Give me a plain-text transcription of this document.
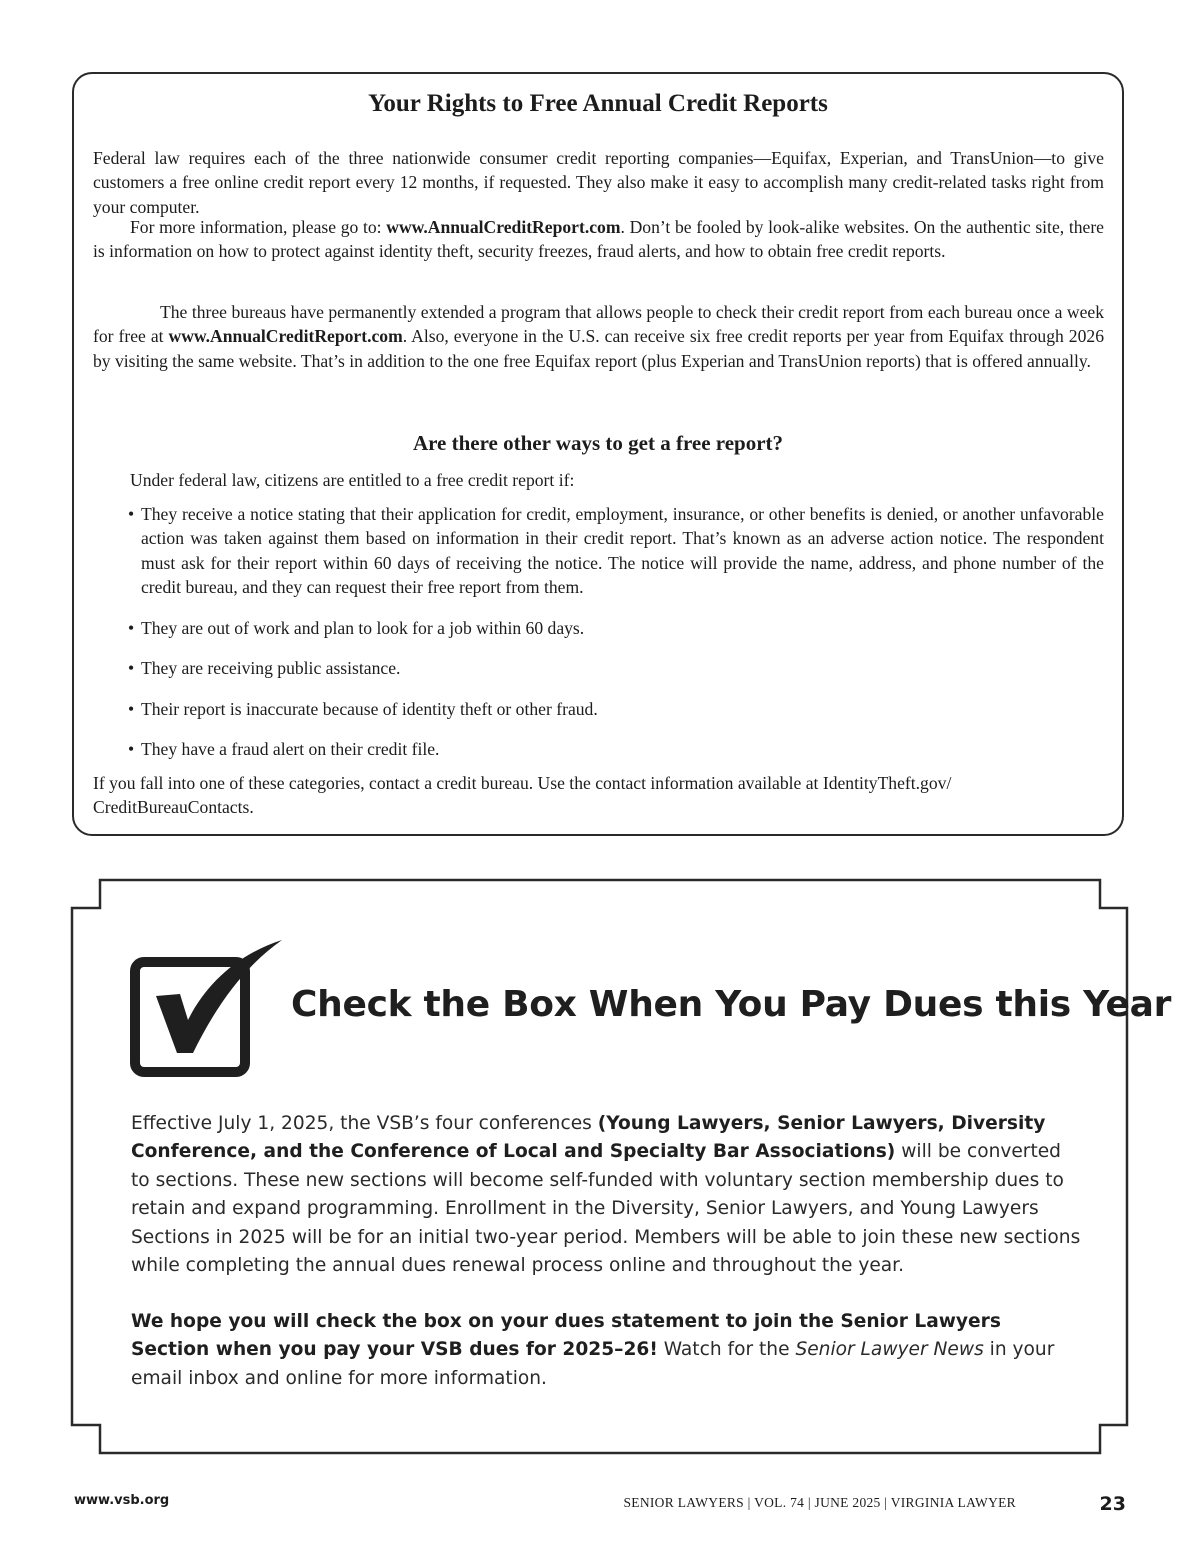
Your Rights to Free Annual Credit Reports

Federal law requires each of the three nationwide consumer credit reporting companies—Equifax, Experian, and TransUnion—to give customers a free online credit report every 12 months, if requested. They also make it easy to accomplish many credit-related tasks right from your computer.

For more information, please go to: www.AnnualCreditReport.com. Don’t be fooled by look-alike websites. On the authentic site, there is information on how to protect against identity theft, security freezes, fraud alerts, and how to obtain free credit reports.

The three bureaus have permanently extended a program that allows people to check their credit report from each bureau once a week for free at www.AnnualCreditReport.com. Also, everyone in the U.S. can receive six free credit reports per year from Equifax through 2026 by visiting the same website. That’s in addition to the one free Equifax report (plus Experian and TransUnion reports) that is offered annually.

Are there other ways to get a free report?

Under federal law, citizens are entitled to a free credit report if:

• They receive a notice stating that their application for credit, employment, insurance, or other benefits is denied, or another unfavorable action was taken against them based on information in their credit report. That’s known as an adverse action notice. The respondent must ask for their report within 60 days of receiving the notice. The notice will provide the name, address, and phone number of the credit bureau, and they can request their free report from them.
• They are out of work and plan to look for a job within 60 days.
• They are receiving public assistance.
• Their report is inaccurate because of identity theft or other fraud.
• They have a fraud alert on their credit file.

If you fall into one of these categories, contact a credit bureau. Use the contact information available at IdentityTheft.gov/ CreditBureauContacts.

Check the Box When You Pay Dues this Year

Effective July 1, 2025, the VSB’s four conferences (Young Lawyers, Senior Lawyers, Diversity Conference, and the Conference of Local and Specialty Bar Associations) will be converted to sections. These new sections will become self-funded with voluntary section membership dues to retain and expand programming. Enrollment in the Diversity, Senior Lawyers, and Young Lawyers Sections in 2025 will be for an initial two-year period. Members will be able to join these new sections while completing the annual dues renewal process online and throughout the year.

We hope you will check the box on your dues statement to join the Senior Lawyers Section when you pay your VSB dues for 2025–26! Watch for the Senior Lawyer News in your email inbox and online for more information.

www.vsb.org	SENIOR LAWYERS | VOL. 74 | JUNE 2025 | VIRGINIA LAWYER	23
